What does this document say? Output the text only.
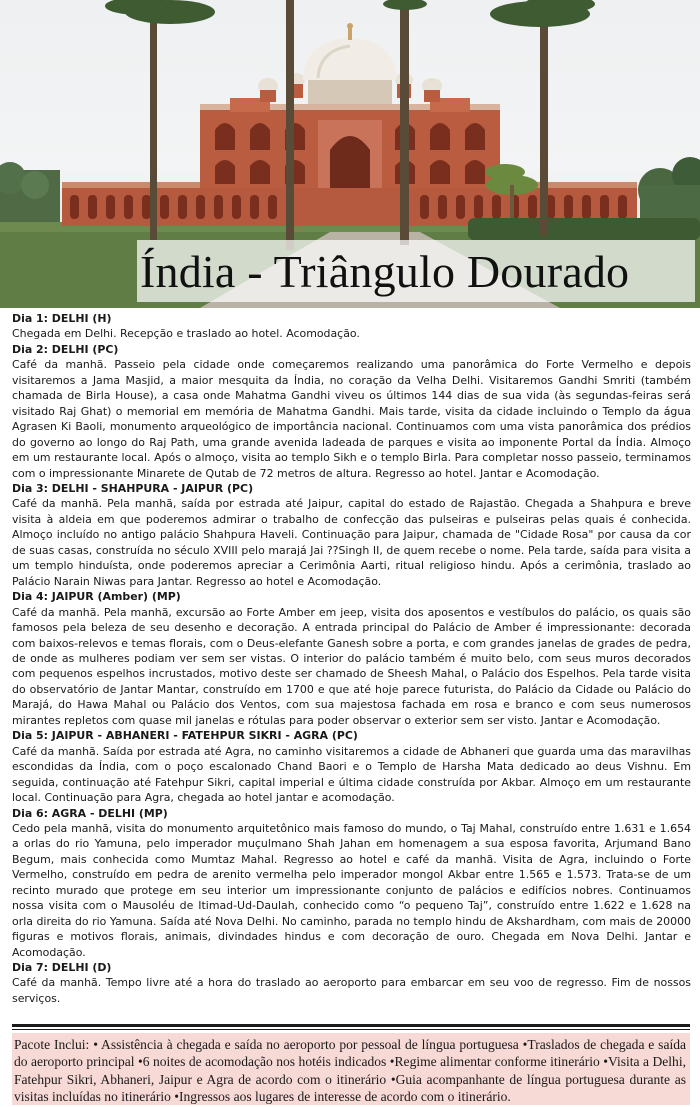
Índia - Triângulo Dourado
Dia 1: DELHI (H)

Chegada em Delhi. Recepção e traslado ao hotel. Acomodação.

Dia 2: DELHI (PC)

Café da manhã. Passeio pela cidade onde começaremos realizando uma panorâmica do Forte Vermelho e depois visitaremos a Jama Masjid, a maior mesquita da Índia, no coração da Velha Delhi. Visitaremos Gandhi Smriti (também chamada de Birla House), a casa onde Mahatma Gandhi viveu os últimos 144 dias de sua vida (às segundas-feiras será visitado Raj Ghat) o memorial em memória de Mahatma Gandhi. Mais tarde, visita da cidade incluindo o Templo da água Agrasen Ki Baoli, monumento arqueológico de importância nacional. Continuamos com uma vista panorâmica dos prédios do governo ao longo do Raj Path, uma grande avenida ladeada de parques e visita ao imponente Portal da Índia. Almoço em um restaurante local. Após o almoço, visita ao templo Sikh e o templo Birla. Para completar nosso passeio, terminamos com o impressionante Minarete de Qutab de 72 metros de altura. Regresso ao hotel. Jantar e Acomodação.

Dia 3: DELHI - SHAHPURA - JAIPUR (PC)

Café da manhã. Pela manhã, saída por estrada até Jaipur, capital do estado de Rajastão. Chegada a Shahpura e breve visita à aldeia em que poderemos admirar o trabalho de confecção das pulseiras e pulseiras pelas quais é conhecida. Almoço incluído no antigo palácio Shahpura Haveli. Continuação para Jaipur, chamada de "Cidade Rosa" por causa da cor de suas casas, construída no século XVIII pelo marajá Jai ??Singh II, de quem recebe o nome. Pela tarde, saída para visita a um templo hinduísta, onde poderemos apreciar a Cerimônia Aarti, ritual religioso hindu. Após a cerimônia, traslado ao Palácio Narain Niwas para Jantar. Regresso ao hotel e Acomodação.

Dia 4: JAIPUR (Amber) (MP)

Café da manhã. Pela manhã, excursão ao Forte Amber em jeep, visita dos aposentos e vestíbulos do palácio, os quais são famosos pela beleza de seu desenho e decoração. A entrada principal do Palácio de Amber é impressionante: decorada com baixos-relevos e temas florais, com o Deus-elefante Ganesh sobre a porta, e com grandes janelas de grades de pedra, de onde as mulheres podiam ver sem ser vistas. O interior do palácio também é muito belo, com seus muros decorados com pequenos espelhos incrustados, motivo deste ser chamado de Sheesh Mahal, o Palácio dos Espelhos. Pela tarde visita do observatório de Jantar Mantar, construído em 1700 e que até hoje parece futurista, do Palácio da Cidade ou Palácio do Marajá, do Hawa Mahal ou Palácio dos Ventos, com sua majestosa fachada em rosa e branco e com seus numerosos mirantes repletos com quase mil janelas e rótulas para poder observar o exterior sem ser visto. Jantar e Acomodação.

Dia 5: JAIPUR - ABHANERI - FATEHPUR SIKRI - AGRA (PC)

Café da manhã. Saída por estrada até Agra, no caminho visitaremos a cidade de Abhaneri que guarda uma das maravilhas escondidas da Índia, com o poço escalonado Chand Baori e o Templo de Harsha Mata dedicado ao deus Vishnu. Em seguida, continuação até Fatehpur Sikri, capital imperial e última cidade construída por Akbar. Almoço em um restaurante local. Continuação para Agra, chegada ao hotel jantar e acomodação.

Dia 6: AGRA - DELHI (MP)

Cedo pela manhã, visita do monumento arquitetônico mais famoso do mundo, o Taj Mahal, construído entre 1.631 e 1.654 a orlas do rio Yamuna, pelo imperador muçulmano Shah Jahan em homenagem a sua esposa favorita, Arjumand Bano Begum, mais conhecida como Mumtaz Mahal. Regresso ao hotel e café da manhã. Visita de Agra, incluindo o Forte Vermelho, construído em pedra de arenito vermelha pelo imperador mongol Akbar entre 1.565 e 1.573. Trata-se de um recinto murado que protege em seu interior um impressionante conjunto de palácios e edifícios nobres. Continuamos nossa visita com o Mausoléu de Itimad-Ud-Daulah, conhecido como “o pequeno Taj”, construído entre 1.622 e 1.628 na orla direita do rio Yamuna. Saída até Nova Delhi. No caminho, parada no templo hindu de Akshardham, com mais de 20000 figuras e motivos florais, animais, divindades hindus e com decoração de ouro. Chegada em Nova Delhi. Jantar e Acomodação.

Dia 7: DELHI (D)

Café da manhã. Tempo livre até a hora do traslado ao aeroporto para embarcar em seu voo de regresso. Fim de nossos serviços.

Pacote Inclui: • Assistência à chegada e saída no aeroporto por pessoal de língua portuguesa •Traslados de chegada e saída do aeroporto principal •6 noites de acomodação nos hotéis indicados •Regime alimentar conforme itinerário •Visita a Delhi, Fatehpur Sikri, Abhaneri, Jaipur e Agra de acordo com o itinerário •Guia acompanhante de língua portuguesa durante as visitas incluídas no itinerário •Ingressos aos lugares de interesse de acordo com o itinerário.
